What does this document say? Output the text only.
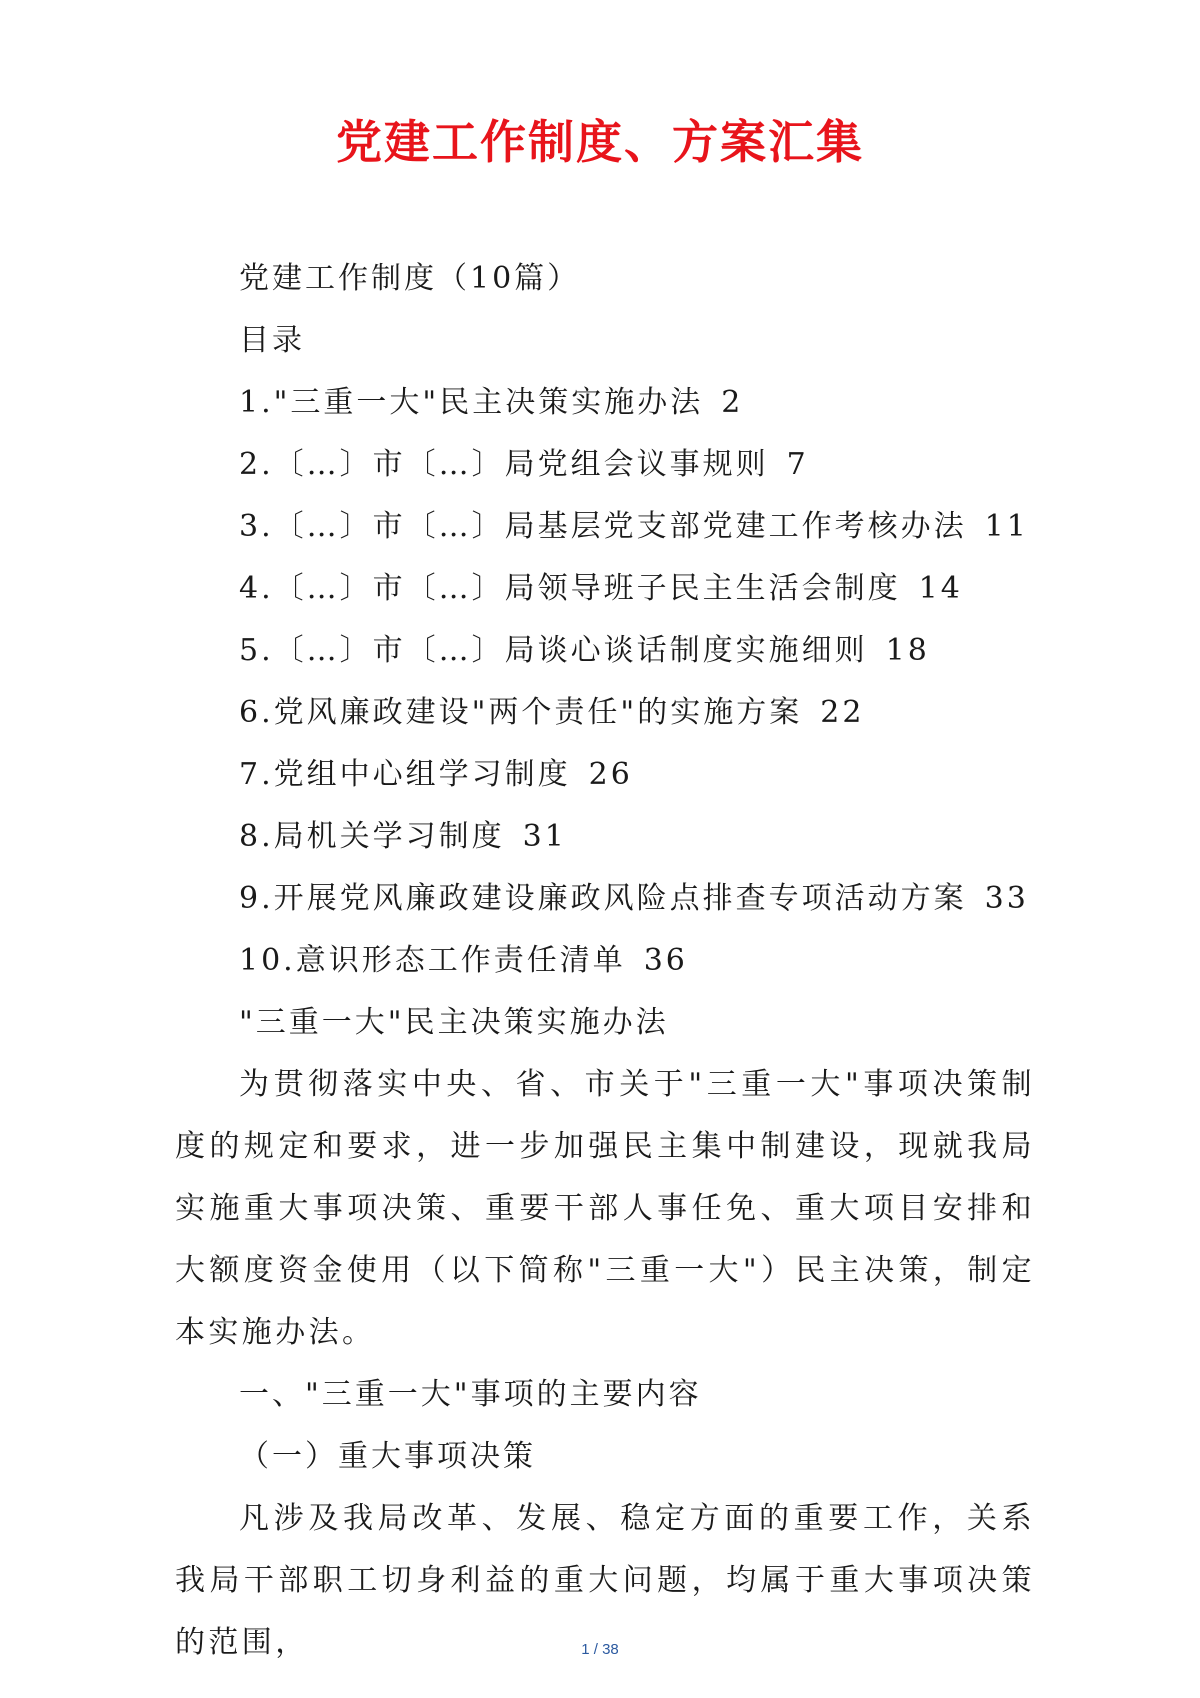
党建工作制度、方案汇集
党建工作制度（10篇）
目录
1."三重一大"民主决策实施办法 2
2.〔…〕市〔…〕局党组会议事规则 7
3.〔…〕市〔…〕局基层党支部党建工作考核办法 11
4.〔…〕市〔…〕局领导班子民主生活会制度 14
5.〔…〕市〔…〕局谈心谈话制度实施细则 18
6.党风廉政建设"两个责任"的实施方案 22
7.党组中心组学习制度 26
8.局机关学习制度 31
9.开展党风廉政建设廉政风险点排查专项活动方案 33
10.意识形态工作责任清单 36
"三重一大"民主决策实施办法

为贯彻落实中央、省、市关于"三重一大"事项决策制度的规定和要求，进一步加强民主集中制建设，现就我局实施重大事项决策、重要干部人事任免、重大项目安排和大额度资金使用（以下简称"三重一大"）民主决策，制定本实施办法。

一、"三重一大"事项的主要内容
（一）重大事项决策

凡涉及我局改革、发展、稳定方面的重要工作，关系我局干部职工切身利益的重大问题，均属于重大事项决策的范围，	1 / 38
